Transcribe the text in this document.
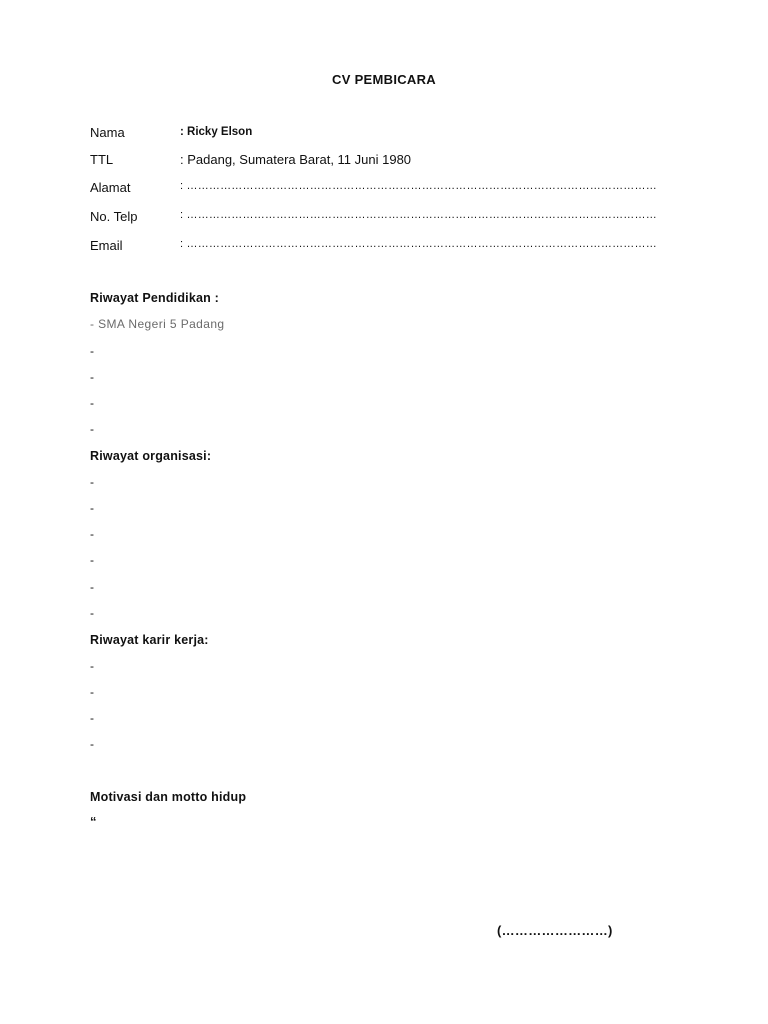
CV PEMBICARA
Nama	: Ricky Elson
TTL	: Padang, Sumatera Barat, 11 Juni 1980
Alamat	: ………………………………………………………………………………………………………………
No. Telp	: ………………………………………………………………………………………………………………
Email	: ………………………………………………………………………………………………………………
Riwayat Pendidikan :
- SMA Negeri 5 Padang
-
-
-
-
Riwayat organisasi:
-
-
-
-
-
-
Riwayat karir kerja:
-
-
-
-
Motivasi dan motto hidup
“
(……………………)
